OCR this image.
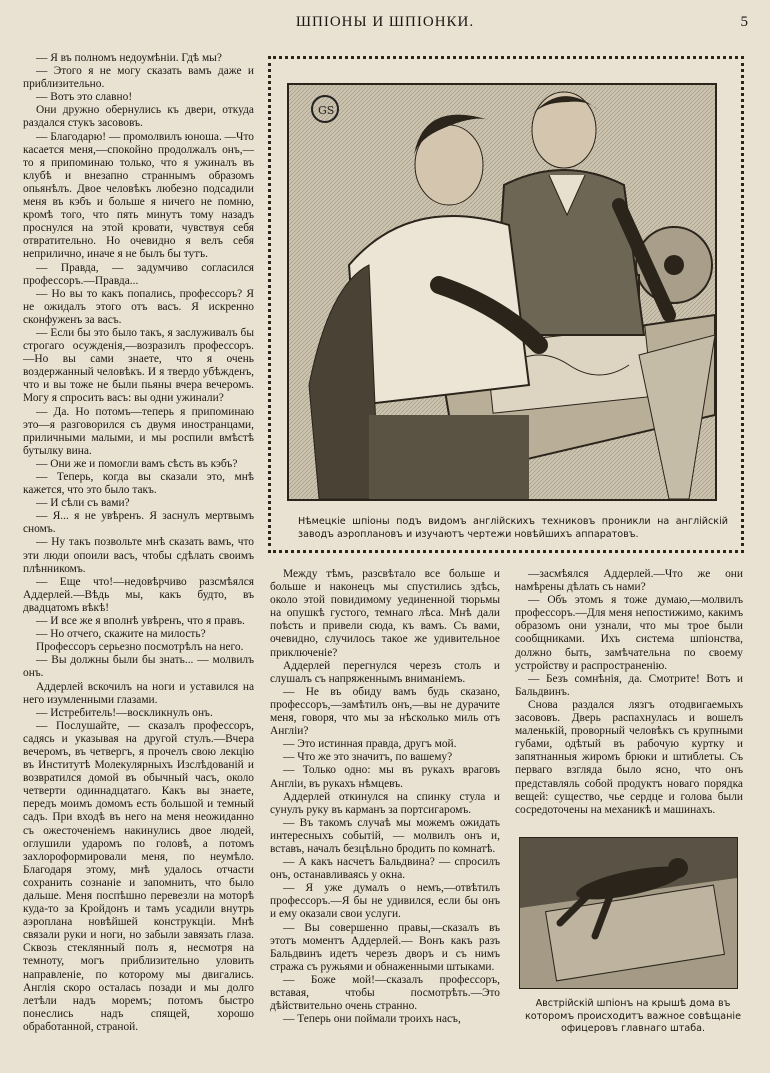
ШПІОНЫ И ШПІОНКИ.	5

— Я въ полномъ недоумѣніи. Гдѣ мы?

— Этого я не могу сказать вамъ даже и приблизительно.

— Вотъ это славно!

Они дружно обернулись къ двери, откуда раздался стукъ засововъ.

— Благодарю! — промолвилъ юноша. —Что касается меня,—спокойно продолжалъ онъ,—то я припоминаю только, что я ужиналъ въ клубѣ и внезапно страннымъ образомъ опьянѣлъ. Двое человѣкъ любезно подсадили меня въ кэбъ и больше я ничего не помню, кромѣ того, что пять минутъ тому назадъ проснулся на этой кровати, чувствуя себя отвратительно. Но очевидно я велъ себя неприлично, иначе я не былъ бы тутъ.

— Правда, — задумчиво согласился профессоръ.—Правда...

— Но вы то какъ попались, профессоръ? Я не ожидалъ этого отъ васъ. Я искренно сконфуженъ за васъ.

— Если бы это было такъ, я заслуживалъ бы строгаго осужденія,—возразилъ профессоръ.—Но вы сами знаете, что я очень воздержанный человѣкъ. И я твердо убѣжденъ, что и вы тоже не были пьяны вчера вечеромъ. Могу я спросить васъ: вы одни ужинали?

— Да. Но потомъ—теперь я припоминаю это—я разговорился съ двумя иностранцами, приличными малыми, и мы роспили вмѣстѣ бутылку вина.

— Они же и помогли вамъ сѣсть въ кэбъ?

— Теперь, когда вы сказали это, мнѣ кажется, что это было такъ.

— И сѣли съ вами?

— Я... я не увѣренъ. Я заснулъ мертвымъ сномъ.

— Ну такъ позвольте мнѣ сказать вамъ, что эти люди опоили васъ, чтобы сдѣлать своимъ плѣнникомъ.

— Еще что!—недовѣрчиво разсмѣялся Аддерлей.—Вѣдь мы, какъ будто, въ двадцатомъ вѣкѣ!

— И все же я вполнѣ увѣренъ, что я правъ.

— Но отчего, скажите на милость?

Профессоръ серьезно посмотрѣлъ на него.

— Вы должны были бы знать... — молвилъ онъ.

Аддерлей вскочилъ на ноги и уставился на него изумленными глазами.

— Истребитель!—воскликнулъ онъ.

— Послушайте, — сказалъ профессоръ, садясь и указывая на другой стулъ.—Вчера вечеромъ, въ четвергъ, я прочелъ свою лекцію въ Институтѣ Молекулярныхъ Изслѣдованій и возвратился домой въ обычный часъ, около четверти одиннадцатаго. Какъ вы знаете, передъ моимъ домомъ есть большой и темный садъ. При входѣ въ него на меня неожиданно съ ожесточеніемъ накинулись двое людей, оглушили ударомъ по головѣ, а потомъ захлороформировали меня, по неумѣло. Благодаря этому, мнѣ удалось отчасти сохранить сознаніе и запомнить, что было дальше. Меня поспѣшно перевезли на моторѣ куда-то за Кройдонъ и тамъ усадили внутрь аэроплана новѣйшей конструкціи. Мнѣ связали руки и ноги, но забыли завязать глаза. Сквозь стеклянный полъ я, несмотря на темноту, могъ приблизительно уловить направленіе, по которому мы двигались. Англія скоро осталась позади и мы долго летѣли надъ моремъ; потомъ быстро понеслись надъ спящей, хорошо обработанной, страной.

GS
Нѣмецкіе шпіоны подъ видомъ англійскихъ техниковъ проникли на англійскій заводъ аэроплановъ и изучаютъ чертежи новѣйшихъ аппаратовъ.

Между тѣмъ, разсвѣтало все больше и больше и наконецъ мы спустились здѣсь, около этой повидимому уединенной тюрьмы на опушкѣ густого, темнаго лѣса. Мнѣ дали поѣсть и привели сюда, къ вамъ. Съ вами, очевидно, случилось такое же удивительное приключеніе?

Аддерлей перегнулся черезъ столъ и слушалъ съ напряженнымъ вниманіемъ.

— Не въ обиду вамъ будь сказано, профессоръ,—замѣтилъ онъ,—вы не дурачите меня, говоря, что мы за нѣсколько миль отъ Англіи?

— Это истинная правда, другъ мой.

— Что же это значитъ, по вашему?

— Только одно: мы въ рукахъ враговъ Англіи, въ рукахъ нѣмцевъ.

Аддерлей откинулся на спинку стула и сунулъ руку въ карманъ за портсигаромъ.

— Въ такомъ случаѣ мы можемъ ожидать интересныхъ событій, — молвилъ онъ и, вставъ, началъ безцѣльно бродить по комнатѣ.

— А какъ насчетъ Бальдвина? — спросилъ онъ, останавливаясь у окна.

— Я уже думалъ о немъ,—отвѣтилъ профессоръ.—Я бы не удивился, если бы онъ и ему оказали свои услуги.

— Вы совершенно правы,—сказалъ въ этотъ моментъ Аддерлей.— Вонъ какъ разъ Бальдвинъ идетъ черезъ дворъ и съ нимъ стража съ ружьями и обнаженными штыками.

— Боже мой!—сказалъ профессоръ, вставая, чтобы посмотрѣть.—Это дѣйствительно очень странно.

— Теперь они поймали троихъ насъ,

—засмѣялся Аддерлей.—Что же они намѣрены дѣлать съ нами?

— Объ этомъ я тоже думаю,—молвилъ профессоръ.—Для меня непостижимо, какимъ образомъ они узнали, что мы трое были сообщниками. Ихъ система шпіонства, должно быть, замѣчательна по своему устройству и распространенію.

— Безъ сомнѣнія, да. Смотрите! Вотъ и Бальдвинъ.

Снова раздался лязгъ отодвигаемыхъ засововъ. Дверь распахнулась и вошелъ маленькій, проворный человѣкъ съ крупными губами, одѣтый въ рабочую куртку и запятнанныя жиромъ брюки и штиблеты. Съ перваго взгляда было ясно, что онъ представляль собой продуктъ новаго порядка вещей: существо, чье сердце и голова были сосредоточены на механикѣ и машинахъ.

Австрійскій шпіонъ на крышѣ дома въ которомъ происходитъ важное совѣщаніе офицеровъ главнаго штаба.
